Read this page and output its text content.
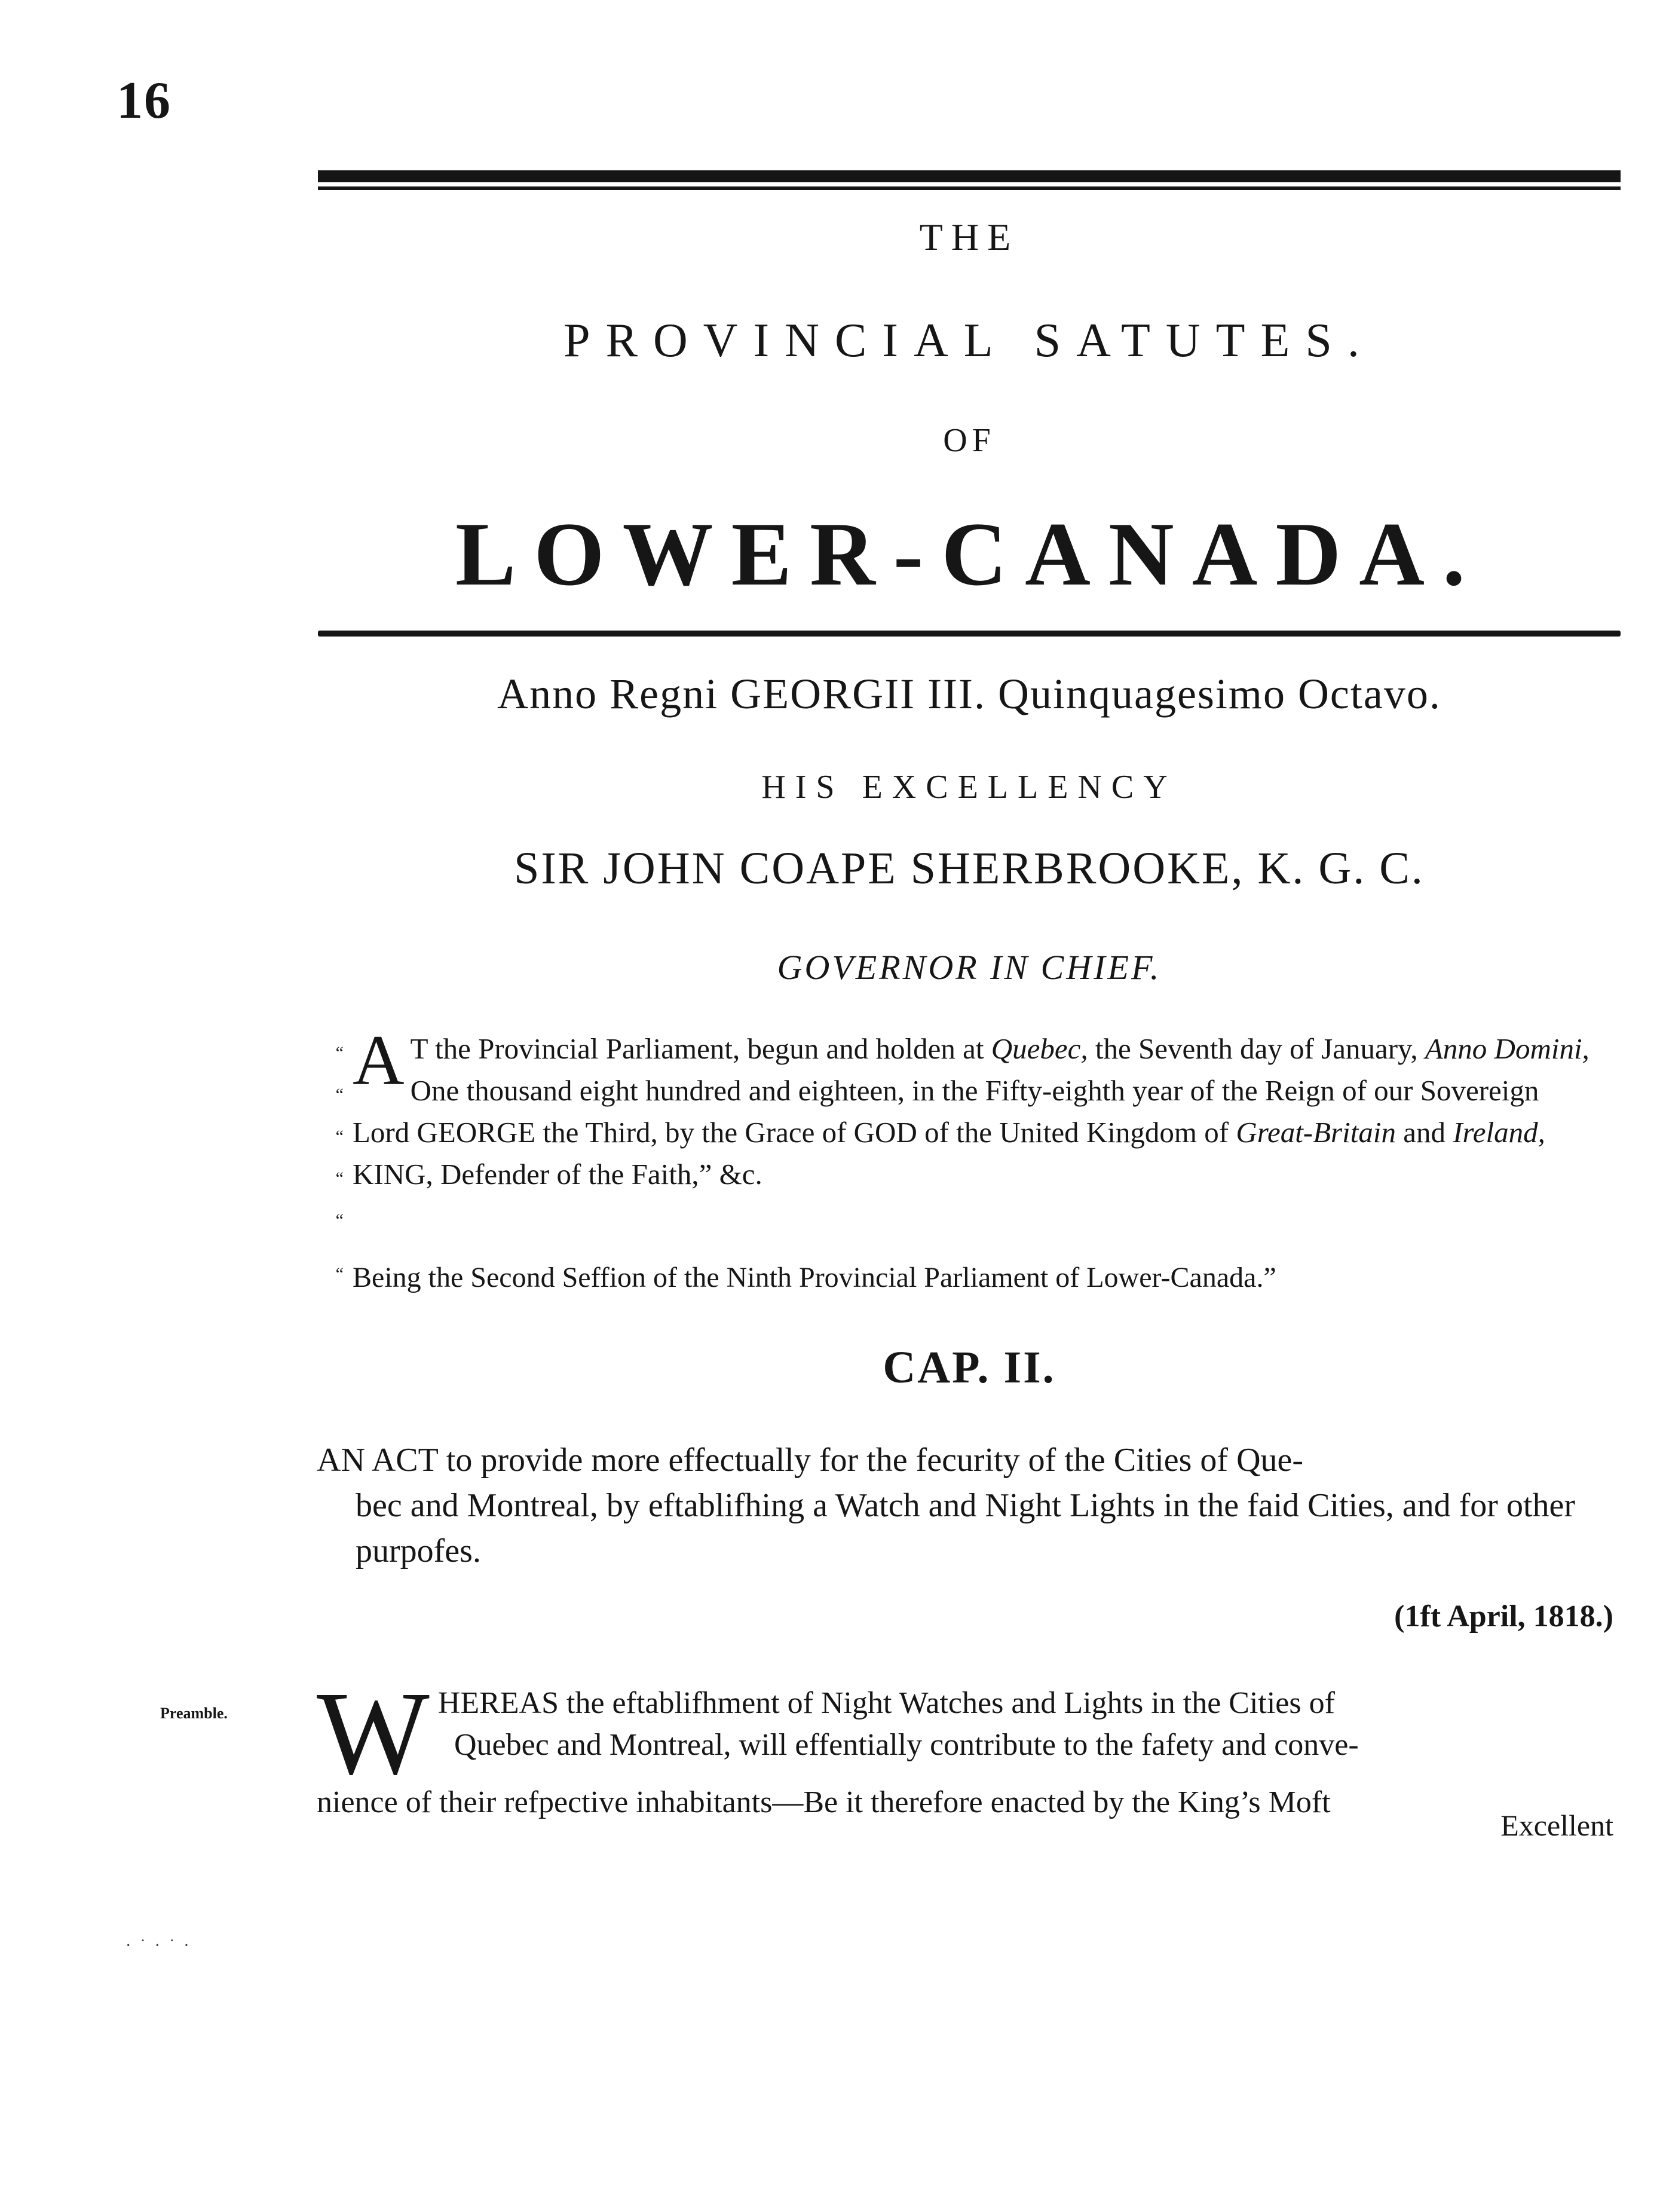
16
THE
PROVINCIAL SATUTES.
OF
LOWER-CANADA.
Anno Regni GEORGII III. Quinquagesimo Octavo.
HIS EXCELLENCY
SIR JOHN COAPE SHERBROOKE, K. G. C.
GOVERNOR IN CHIEF.
“
“
“
“
“
A T the Provincial Parliament, begun and holden at Quebec, the Seventh day of January, Anno Domini, One thousand eight hundred and eighteen, in the Fifty-eighth year of the Reign of our Sovereign Lord GEORGE the Third, by the Grace of GOD of the United Kingdom of Great-Britain and Ireland, KING, Defender of the Faith,” &c.
“ Being the Second Seffion of the Ninth Provincial Parliament of Lower-Canada.”
CAP. II.
AN ACT to provide more effectually for the fecurity of the Cities of Que-
bec and Montreal, by eftablifhing a Watch and Night Lights in the faid Cities, and for other purpofes.
(1ft April, 1818.)
Preamble. WHEREAS the eftablifhment of Night Watches and Lights in the Cities of
Quebec and Montreal, will effentially contribute to the fafety and conve-
nience of their refpective inhabitants—Be it therefore enacted by the King’s Moft
Excellent
· ˙ · ˙ ·
